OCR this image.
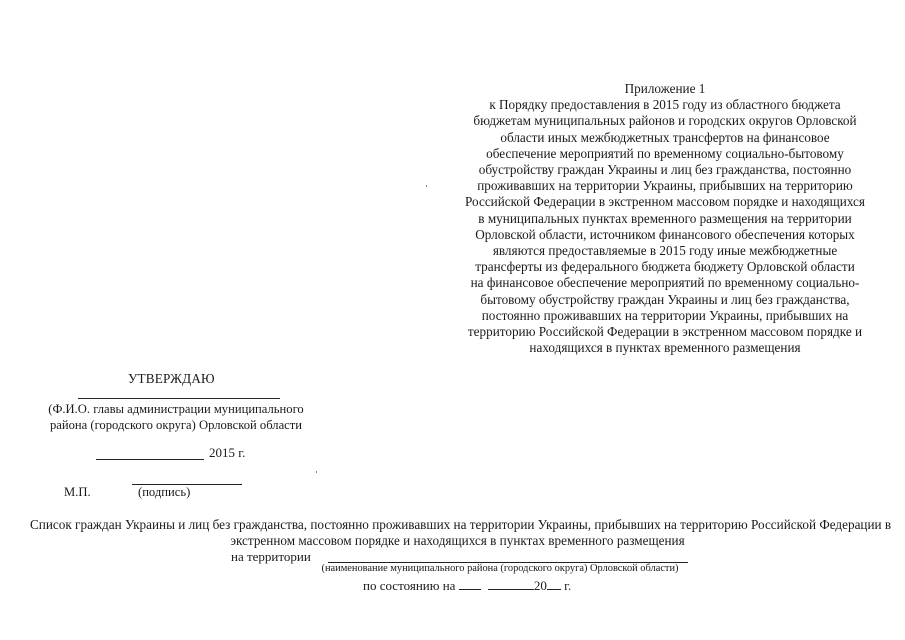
Приложение 1
к Порядку предоставления в 2015 году из областного бюджета
бюджетам муниципальных районов и городских округов Орловской
области иных межбюджетных трансфертов на финансовое
обеспечение мероприятий по временному социально-бытовому
обустройству граждан Украины и лиц без гражданства, постоянно
проживавших на территории Украины, прибывших на территорию
Российской Федерации в экстренном массовом порядке и находящихся
в муниципальных пунктах временного размещения на территории
Орловской области, источником финансового обеспечения которых
являются предоставляемые в 2015 году иные межбюджетные
трансферты из федерального бюджета бюджету Орловской области
на финансовое обеспечение мероприятий по временному социально-
бытовому обустройству граждан Украины и лиц без гражданства,
постоянно проживавших на территории Украины, прибывших на
территорию Российской Федерации в экстренном массовом порядке и
находящихся в пунктах временного размещения
УТВЕРЖДАЮ
(Ф.И.О. главы администрации муниципального
района (городского округа) Орловской области
2015 г.
М.П.	(подпись)
Список граждан Украины и лиц без гражданства, постоянно проживавших на территории Украины, прибывших на территорию Российской Федерации в
экстренном массовом порядке и находящихся в пунктах временного размещения
на территории
(наименование муниципального района (городского округа) Орловской области)
по состоянию на	20 г.
